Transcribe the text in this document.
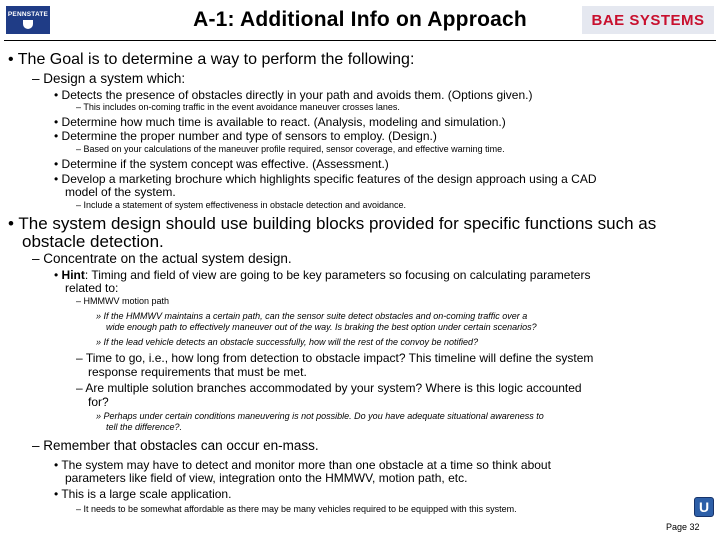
PENNSTATE	A-1: Additional Info on Approach	BAE SYSTEMS
• The Goal is to determine a way to perform the following:
– Design a system which:
• Detects the presence of obstacles directly in your path and avoids them. (Options given.)
– This includes on-coming traffic in the event avoidance maneuver crosses lanes.
• Determine how much time is available to react. (Analysis, modeling and simulation.)
• Determine the proper number and type of sensors to employ. (Design.)
– Based on your calculations of the maneuver profile required, sensor coverage, and effective warning time.
• Determine if the system concept was effective. (Assessment.)
• Develop a marketing brochure which highlights specific features of the design approach using a CAD
model of the system.
– Include a statement of system effectiveness in obstacle detection and avoidance.
• The system design should use building blocks provided for specific functions such as
obstacle detection.
– Concentrate on the actual system design.
• Hint: Timing and field of view are going to be key parameters so focusing on calculating parameters
related to:
– HMMWV motion path
» If the HMMWV maintains a certain path, can the sensor suite detect obstacles and on-coming traffic over a
wide enough path to effectively maneuver out of the way. Is braking the best option under certain scenarios?
» If the lead vehicle detects an obstacle successfully, how will the rest of the convoy be notified?
– Time to go, i.e., how long from detection to obstacle impact? This timeline will define the system
response requirements that must be met.
– Are multiple solution branches accommodated by your system? Where is this logic accounted
for?
» Perhaps under certain conditions maneuvering is not possible. Do you have adequate situational awareness to
tell the difference?.
– Remember that obstacles can occur en-mass.
• The system may have to detect and monitor more than one obstacle at a time so think about
parameters like field of view, integration onto the HMMWV, motion path, etc.
• This is a large scale application.
– It needs to be somewhat affordable as there may be many vehicles required to be equipped with this system.	U
Page 32
